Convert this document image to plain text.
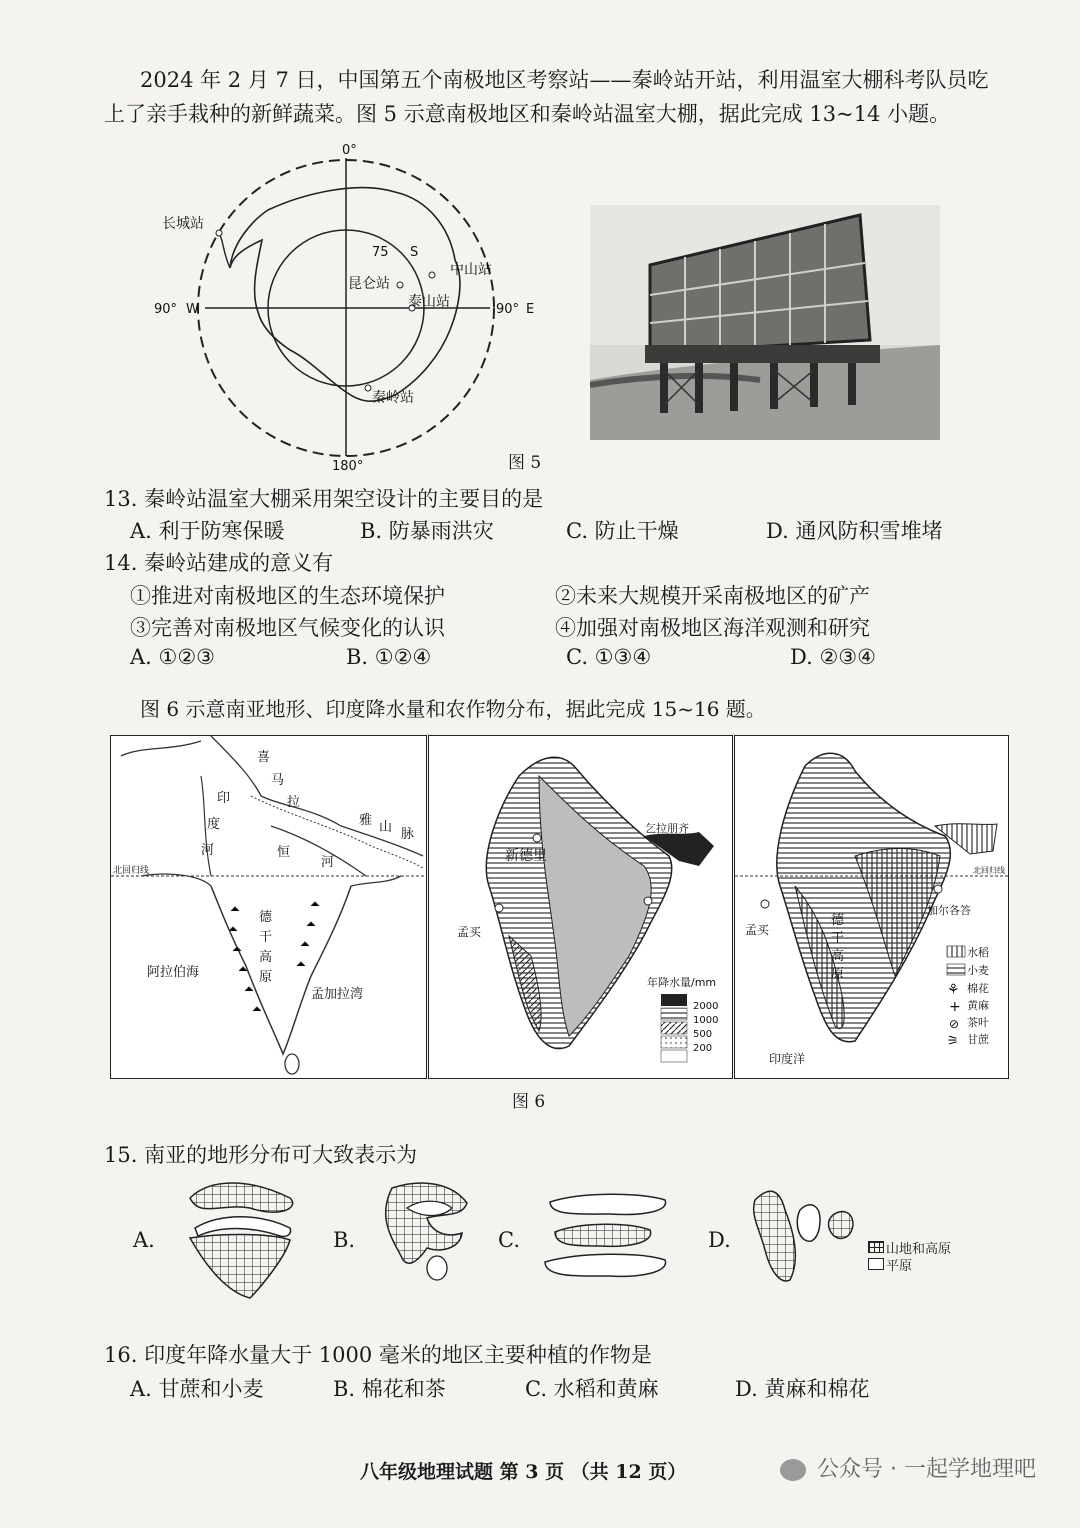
2024 年 2 月 7 日，中国第五个南极地区考察站——秦岭站开站，利用温室大棚科考队员吃
上了亲手栽种的新鲜蔬菜。图 5 示意南极地区和秦岭站温室大棚，据此完成 13~14 小题。
0°
180°
90° W	90° E
75 S
长城站
昆仑站
中山站
泰山站
秦岭站
图 5
13. 秦岭站温室大棚采用架空设计的主要目的是
A. 利于防寒保暖	B. 防暴雨洪灾	C. 防止干燥	D. 通风防积雪堆堵
14. 秦岭站建成的意义有
①推进对南极地区的生态环境保护	②未来大规模开采南极地区的矿产
③完善对南极地区气候变化的认识	④加强对南极地区海洋观测和研究
A. ①②③	B. ①②④	C. ①③④	D. ②③④
图 6 示意南亚地形、印度降水量和农作物分布，据此完成 15~16 题。
喜
马
拉
雅 山 脉
印
度
河	恒
河
北回归线
德
干
高
原
阿拉伯海
孟加拉湾
新德里
乞拉朋齐
孟买
年降水量/mm
2000
1000
500
200
北回归线
孟买
加尔各答
德
干
高
原
印度洋
⚘
+
⊘
⚞
水稻
小麦
棉花
黄麻
茶叶
甘蔗
图 6
15. 南亚的地形分布可大致表示为
A.	B.	C.	D.	山地和高原
平原
16. 印度年降水量大于 1000 毫米的地区主要种植的作物是
A. 甘蔗和小麦	B. 棉花和茶	C. 水稻和黄麻	D. 黄麻和棉花
八年级地理试题 第 3 页 （共 12 页）	公众号 · 一起学地理吧
